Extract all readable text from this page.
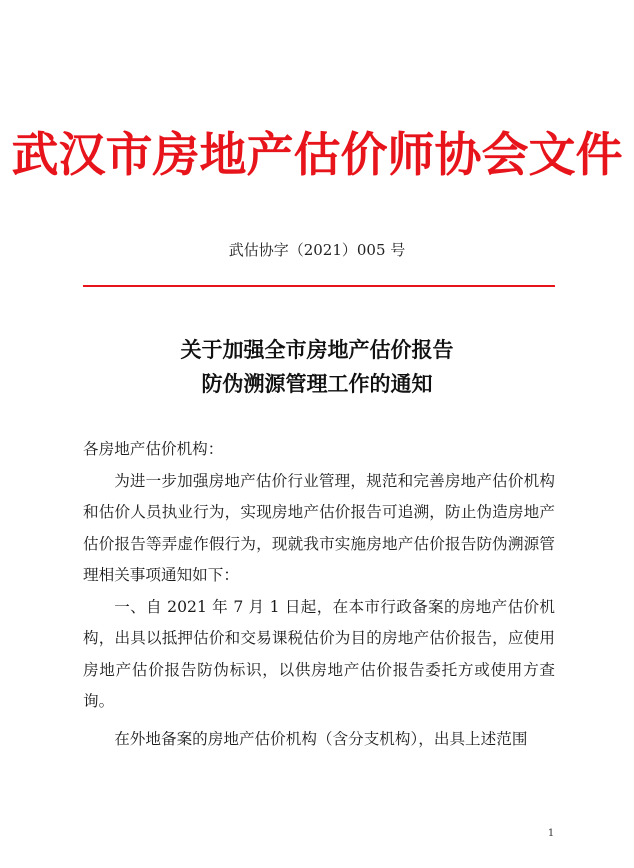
武汉市房地产估价师协会文件
武估协字（2021）005 号
关于加强全市房地产估价报告
防伪溯源管理工作的通知

各房地产估价机构：

为进一步加强房地产估价行业管理，规范和完善房地产估价机构和估价人员执业行为，实现房地产估价报告可追溯，防止伪造房地产估价报告等弄虚作假行为，现就我市实施房地产估价报告防伪溯源管理相关事项通知如下：

一、自 2021 年 7 月 1 日起，在本市行政备案的房地产估价机构，出具以抵押估价和交易课税估价为目的房地产估价报告，应使用房地产估价报告防伪标识，以供房地产估价报告委托方或使用方查询。

在外地备案的房地产估价机构（含分支机构），出具上述范围

1
